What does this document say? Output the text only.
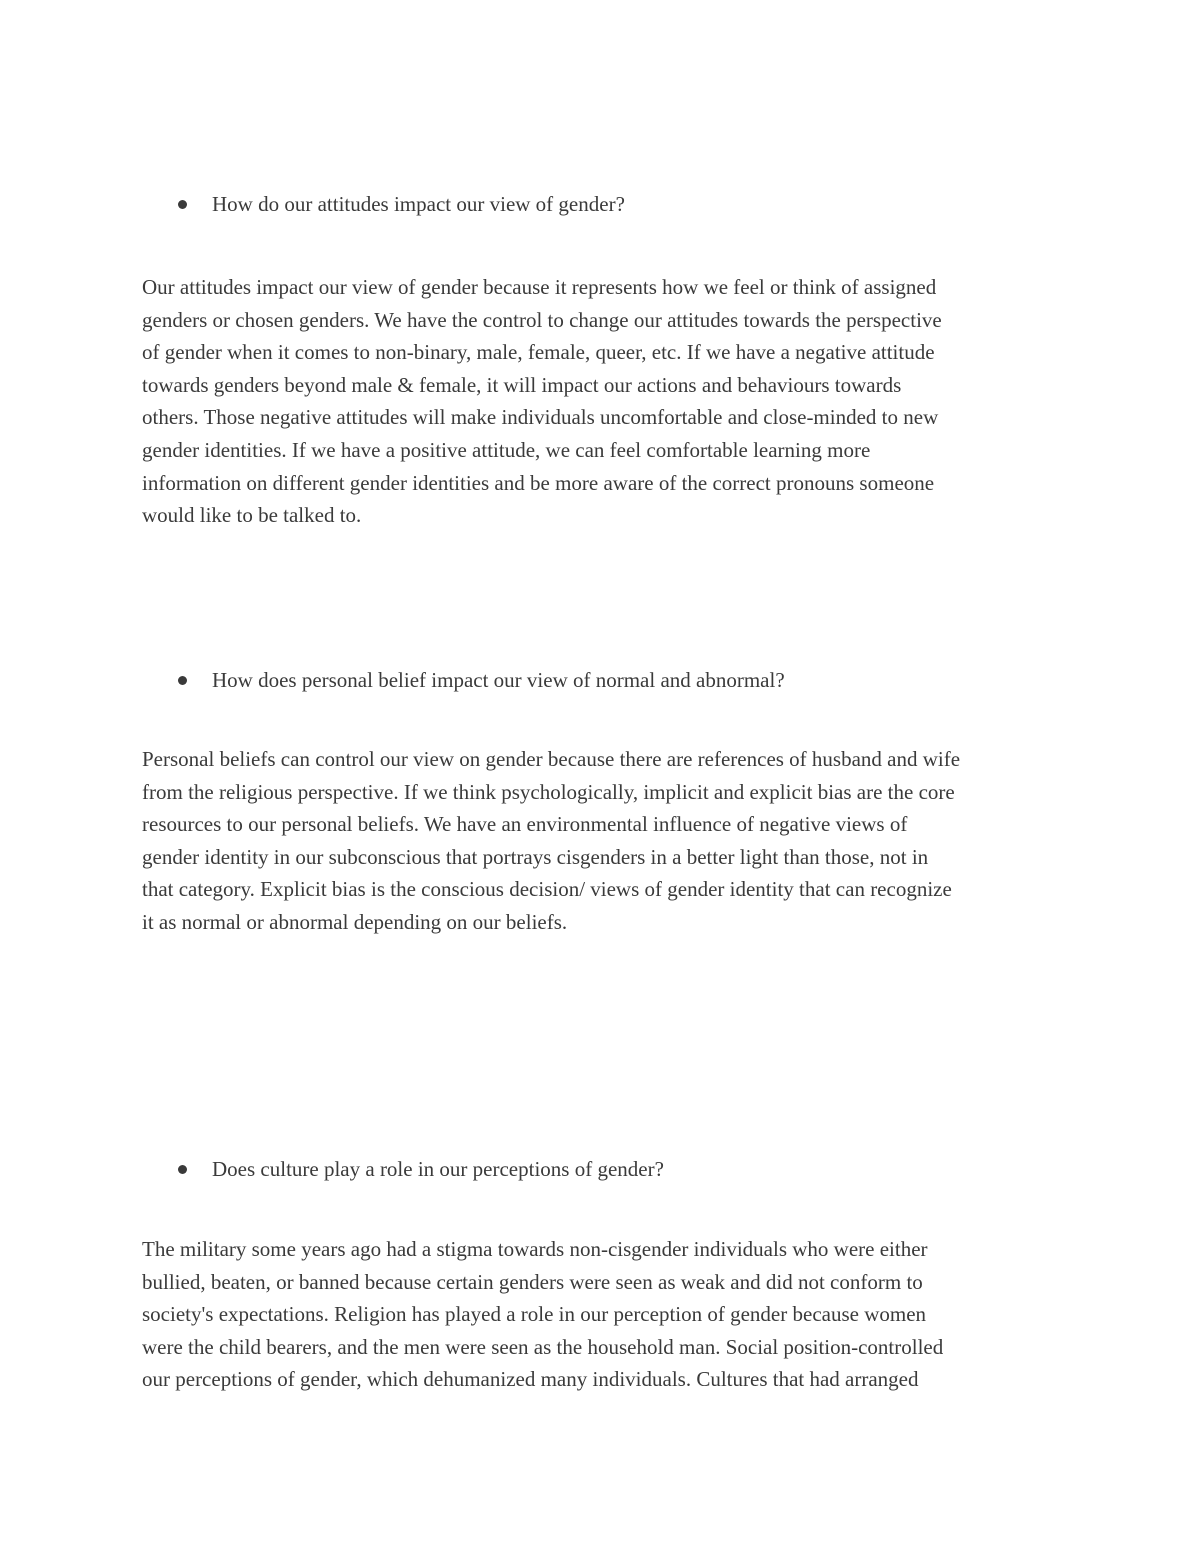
How do our attitudes impact our view of gender?
Our attitudes impact our view of gender because it represents how we feel or think of assigned
genders or chosen genders. We have the control to change our attitudes towards the perspective
of gender when it comes to non-binary, male, female, queer, etc. If we have a negative attitude
towards genders beyond male & female, it will impact our actions and behaviours towards
others. Those negative attitudes will make individuals uncomfortable and close-minded to new
gender identities. If we have a positive attitude, we can feel comfortable learning more
information on different gender identities and be more aware of the correct pronouns someone
would like to be talked to.
How does personal belief impact our view of normal and abnormal?
Personal beliefs can control our view on gender because there are references of husband and wife
from the religious perspective. If we think psychologically, implicit and explicit bias are the core
resources to our personal beliefs. We have an environmental influence of negative views of
gender identity in our subconscious that portrays cisgenders in a better light than those, not in
that category. Explicit bias is the conscious decision/ views of gender identity that can recognize
it as normal or abnormal depending on our beliefs.
Does culture play a role in our perceptions of gender?
The military some years ago had a stigma towards non-cisgender individuals who were either
bullied, beaten, or banned because certain genders were seen as weak and did not conform to
society's expectations. Religion has played a role in our perception of gender because women
were the child bearers, and the men were seen as the household man. Social position-controlled
our perceptions of gender, which dehumanized many individuals. Cultures that had arranged
